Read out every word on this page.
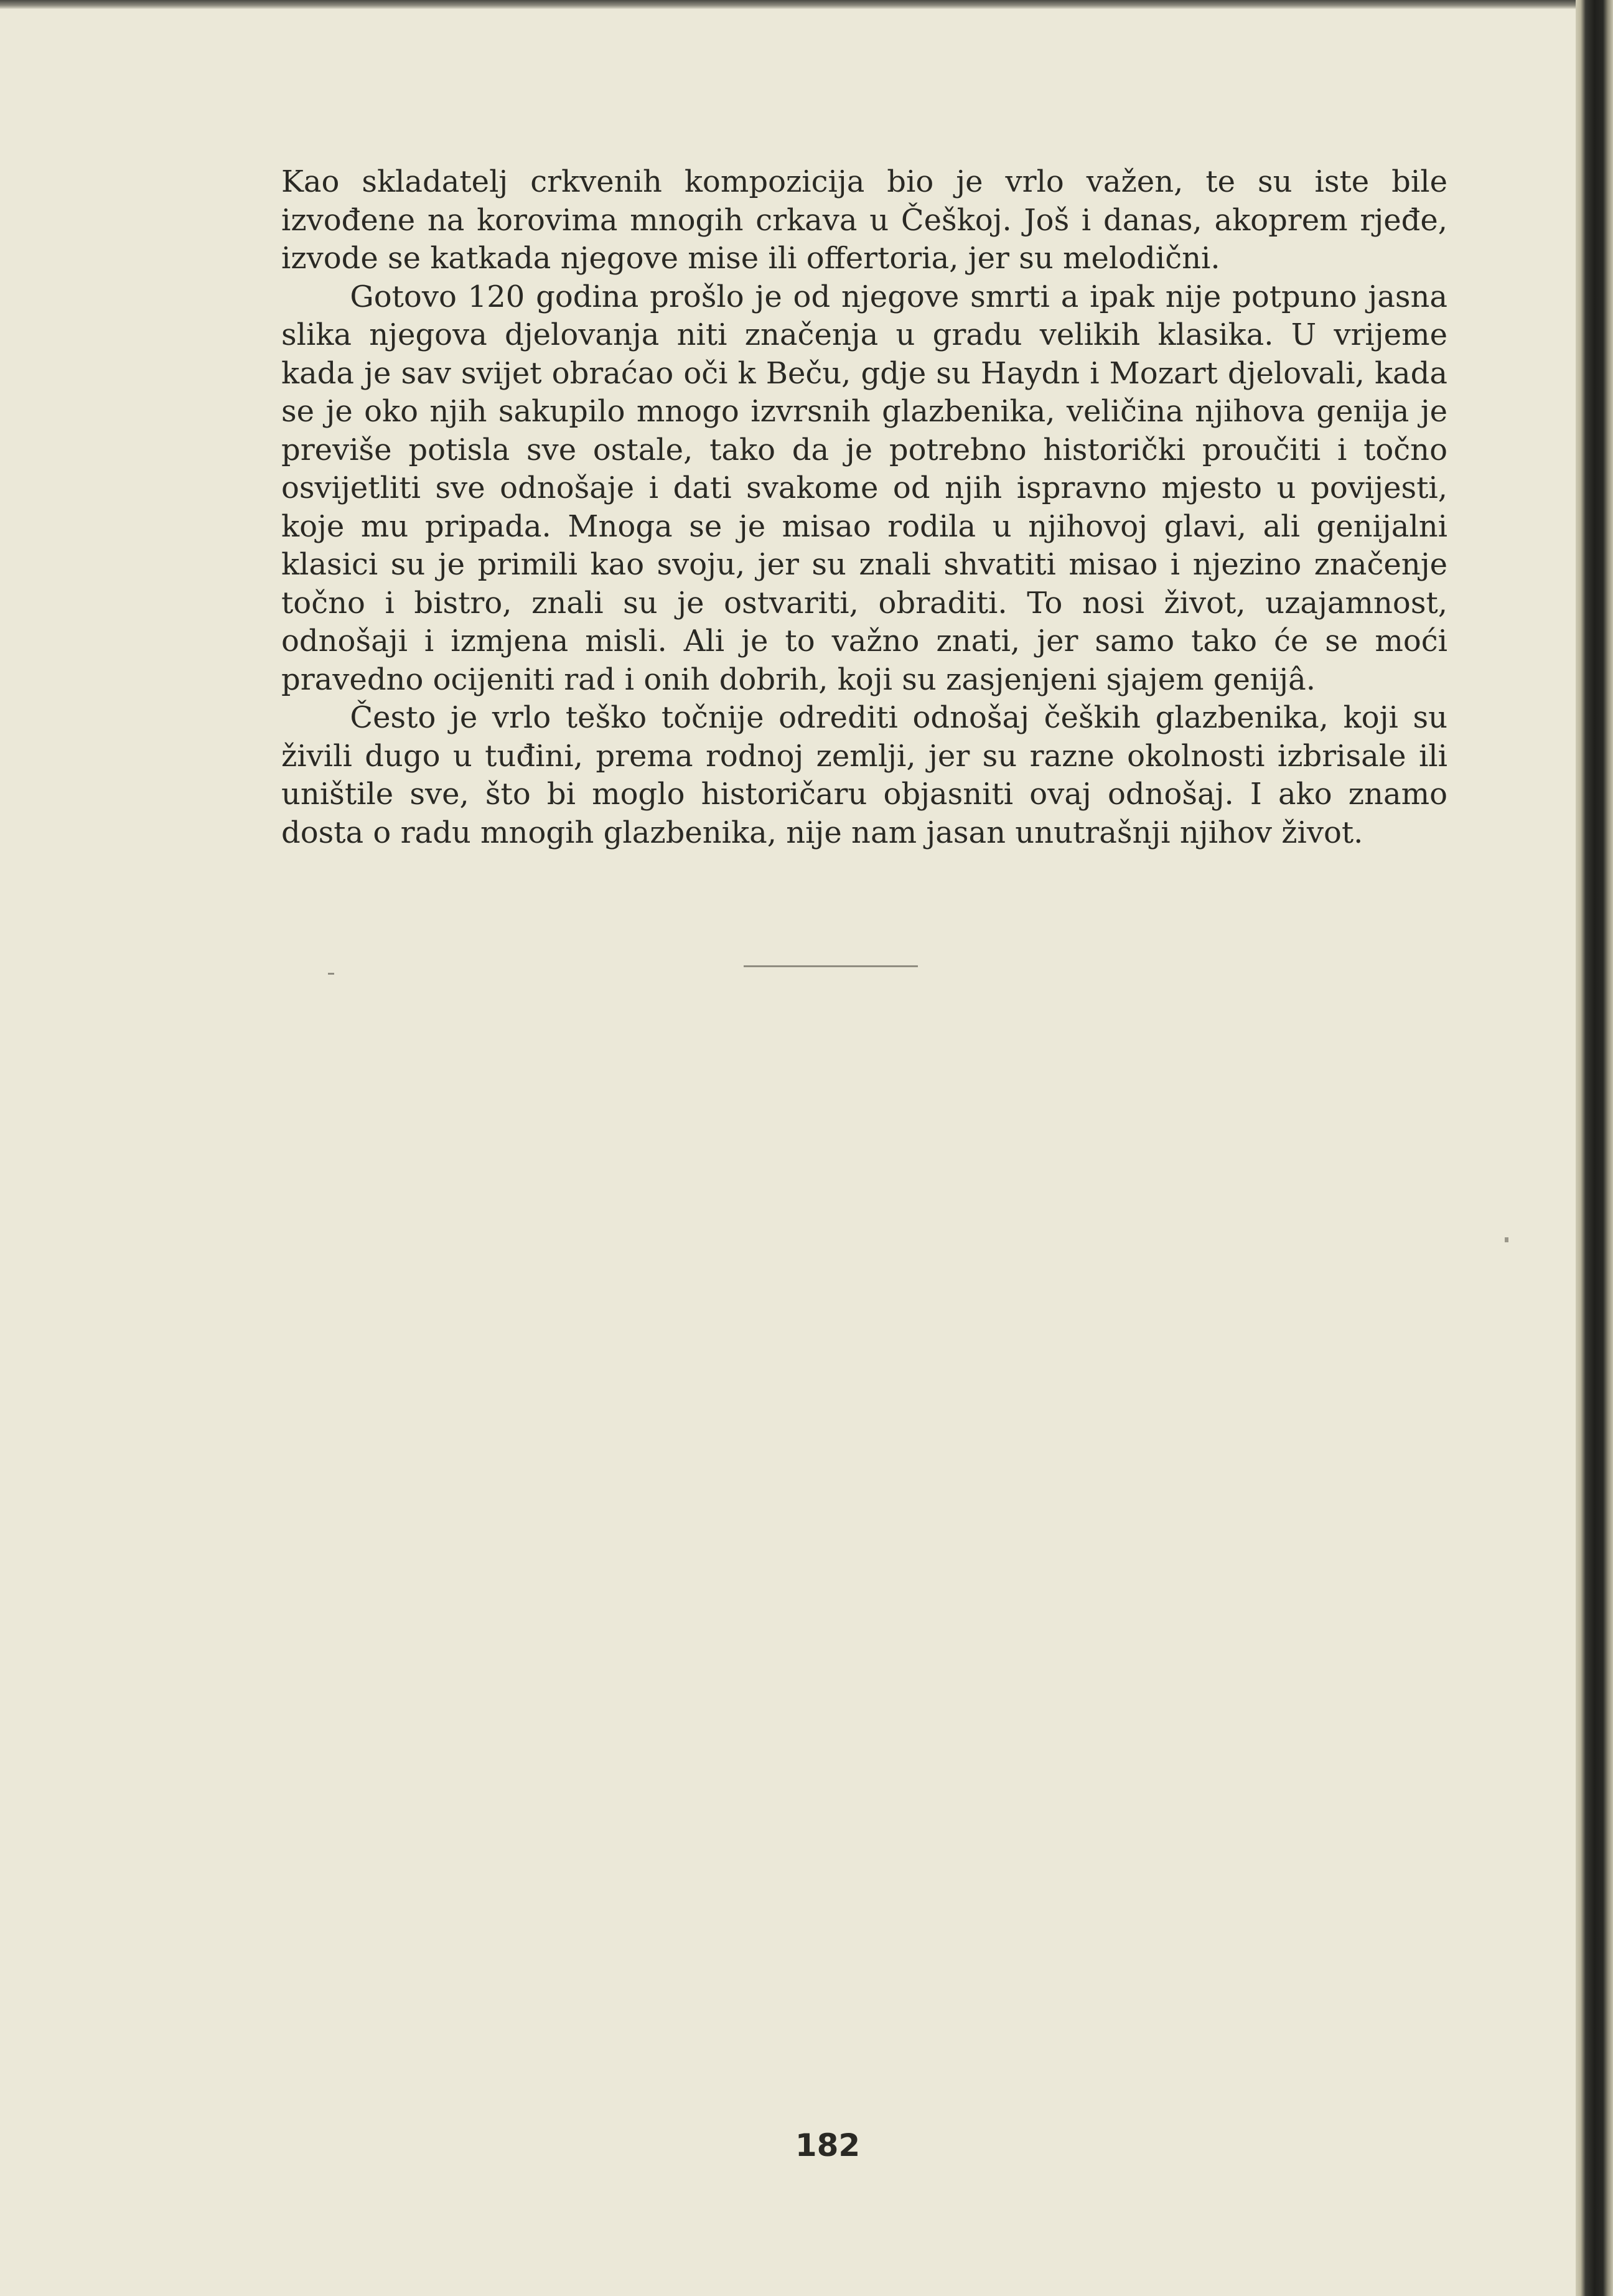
Kao skladatelj crkvenih kompozicija bio je vrlo važen, te su iste bile izvođene na korovima mnogih crkava u Češkoj. Još i danas, akoprem rjeđe, izvode se katkada njegove mise ili offertoria, jer su melodični.

Gotovo 120 godina prošlo je od njegove smrti a ipak nije potpuno jasna slika njegova djelovanja niti značenja u gradu velikih klasika. U vrijeme kada je sav svijet obraćao oči k Beču, gdje su Haydn i Mozart djelovali, kada se je oko njih sakupilo mnogo izvrsnih glazbenika, veličina njihova genija je previše potisla sve ostale, tako da je potrebno historički proučiti i točno osvijetliti sve odnošaje i dati svakome od njih ispravno mjesto u povijesti, koje mu pripada. Mnoga se je misao rodila u njihovoj glavi, ali genijalni klasici su je primili kao svoju, jer su znali shvatiti misao i njezino značenje točno i bistro, znali su je ostvariti, obraditi. To nosi život, uzajamnost, odnošaji i izmjena misli. Ali je to važno znati, jer samo tako će se moći pravedno ocijeniti rad i onih dobrih, koji su zasjenjeni sjajem genijâ.

Često je vrlo teško točnije odrediti odnošaj čeških glazbenika, koji su živili dugo u tuđini, prema rodnoj zemlji, jer su razne okolnosti izbrisale ili uništile sve, što bi moglo historičaru objasniti ovaj odnošaj. I ako znamo dosta o radu mnogih glazbenika, nije nam jasan unutrašnji njihov život.

182
